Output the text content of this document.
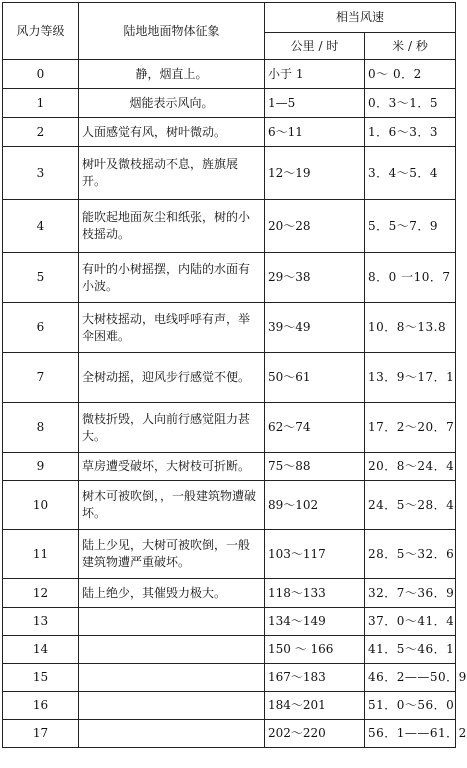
风力等级	陆地地面物体征象	相当风速	
		公里 / 时	米 / 秒
0	静，烟直上。	小于 1	0～ 0．2
1	烟能表示风向。	1—5	0．3～1．5
2	人面感觉有风，树叶微动。	6～11	1．6～3．3
3	树叶及微枝摇动不息，旌旗展开。	12～19	3．4～5．4
4	能吹起地面灰尘和纸张，树的小枝摇动。	20～28	5．5～7．9
5	有叶的小树摇摆，内陆的水面有小波。	29～38	8．0 一10．7
6	大树枝摇动，电线呼呼有声，举伞困难。	39～49	10．8～13.8
7	全树动摇，迎风步行感觉不便。	50～61	13．9～17．1
8	微枝折毁，人向前行感觉阻力甚大。	62～74	17．2～20．7
9	草房遭受破坏，大树枝可折断。	75～88	20．8～24．4
10	树木可被吹倒，，一般建筑物遭破坏。	89～102	24．5～28．4
11	陆上少见，大树可被吹倒，一般建筑物遭严重破坏。	103～117	28．5～32．6
12	陆上绝少，其催毁力极大。	118～133	32．7～36．9
13		134～149	37．0～41．4
14		150 ～ 166	41．5～46．1
15		167～183	46．2——50．9
16		184～201	51．0～56．0
17		202～220	56．1——61．2
